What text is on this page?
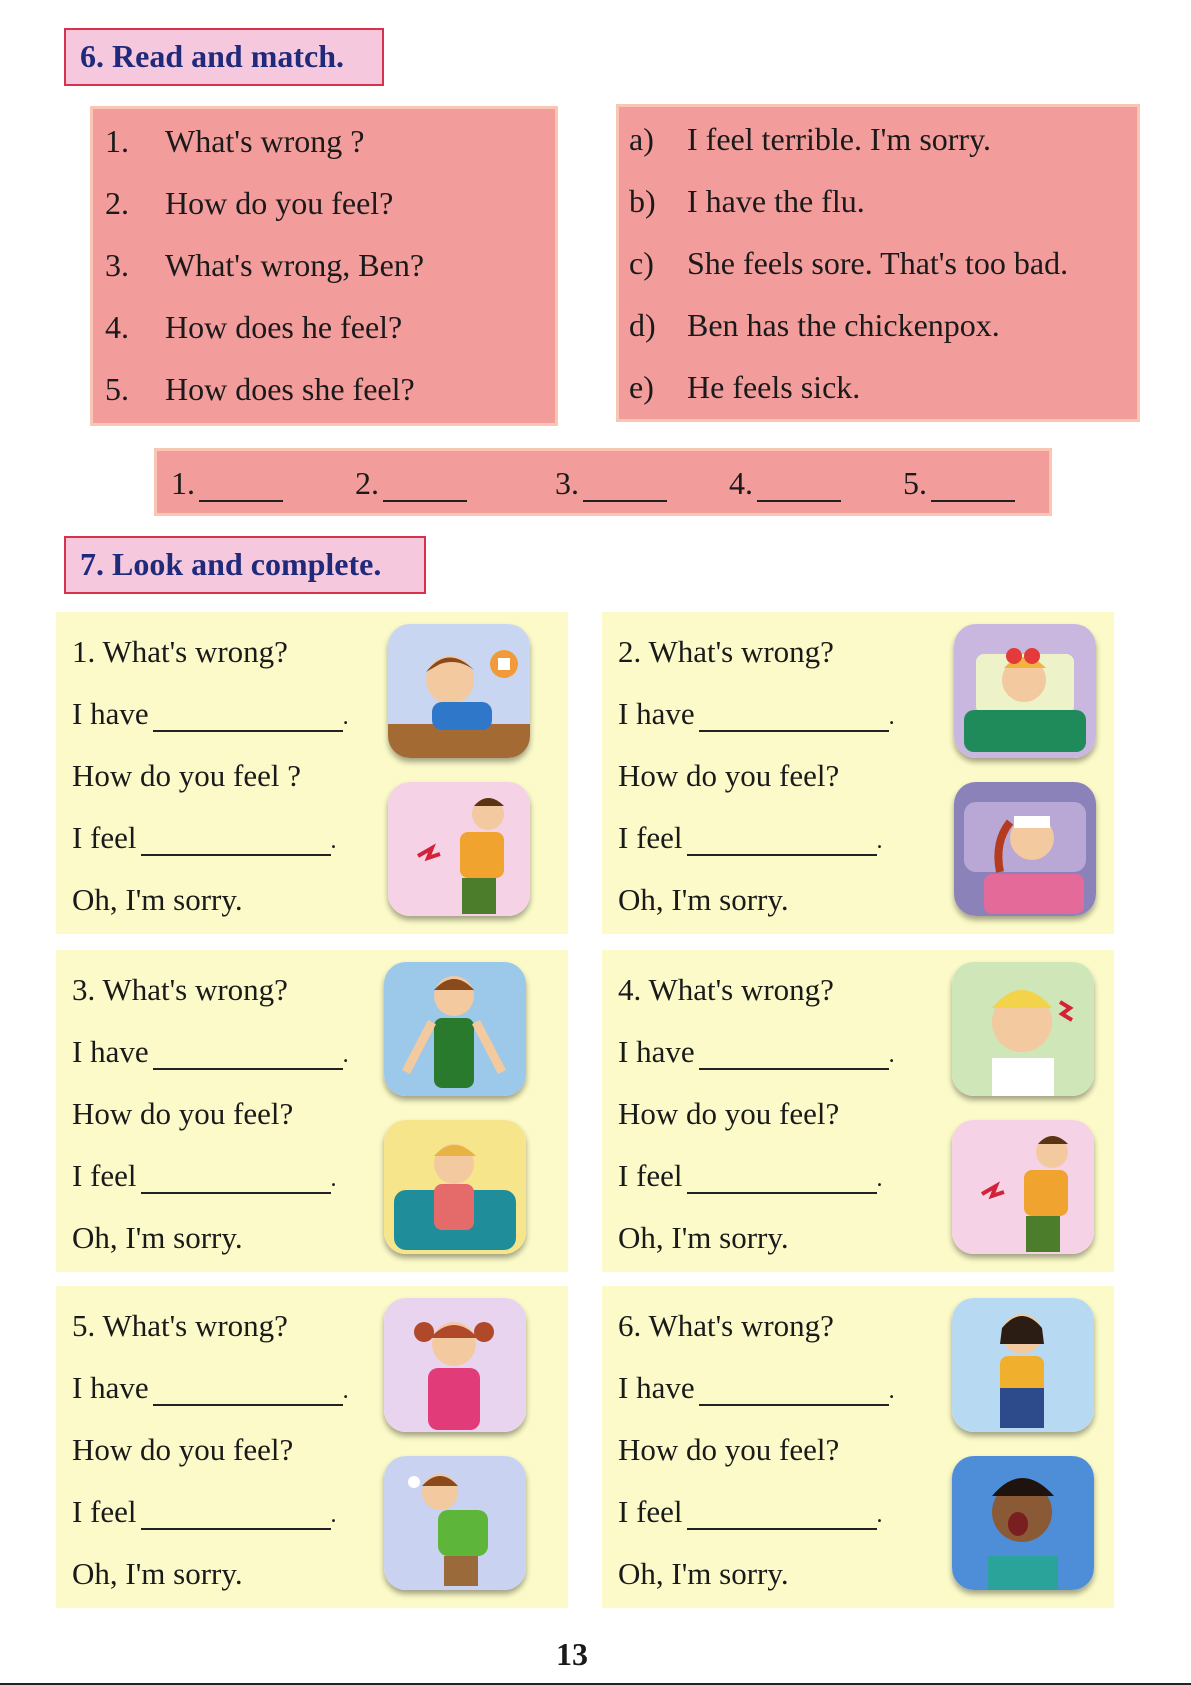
6. Read and match.
1. What's wrong ?
2. How do you feel?
3. What's wrong, Ben?
4. How does he feel?
5. How does she feel?
a) I feel terrible. I'm sorry.
b) I have the flu.
c) She feels sore. That's too bad.
d) Ben has the chickenpox.
e) He feels sick.
1.	2.	3.	4.	5.
7. Look and complete.
1. What's wrong?
I have	.
How do you feel ?
I feel	.
Oh, I'm sorry.
2. What's wrong?
I have	.
How do you feel?
I feel	.
Oh, I'm sorry.
3. What's wrong?
I have	.
How do you feel?
I feel	.
Oh, I'm sorry.
4. What's wrong?
I have	.
How do you feel?
I feel	.
Oh, I'm sorry.
5. What's wrong?
I have	.
How do you feel?
I feel	.
Oh, I'm sorry.
6. What's wrong?
I have	.
How do you feel?
I feel	.
Oh, I'm sorry.
13
